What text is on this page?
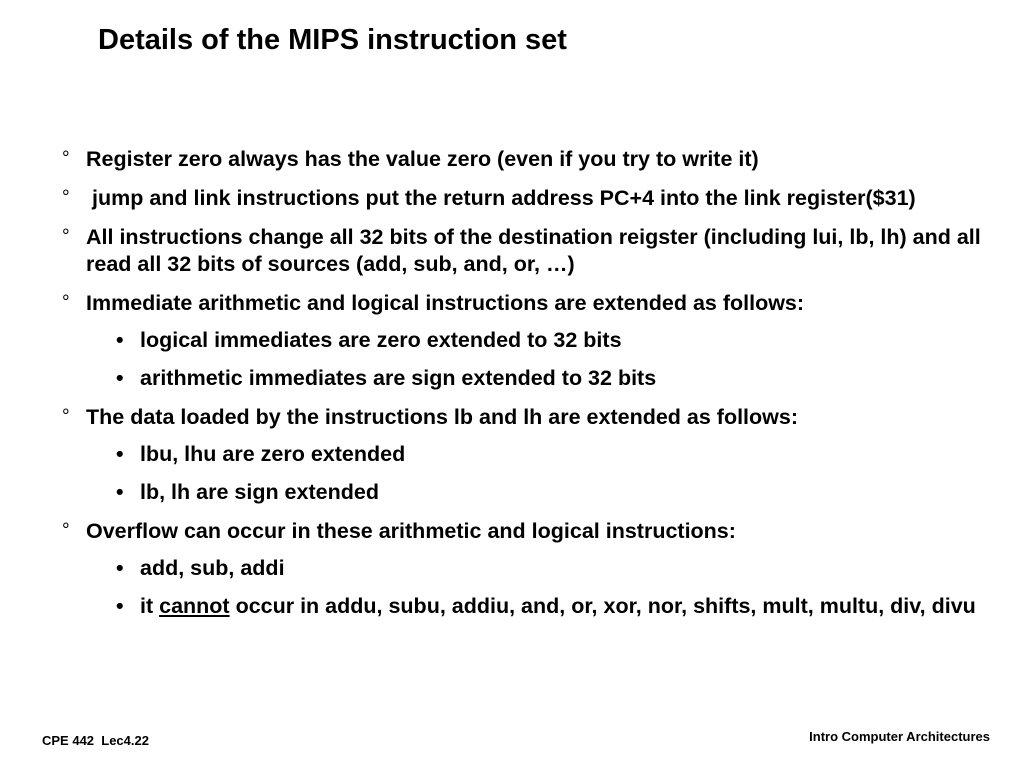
Details of the MIPS instruction set
° Register zero always has the value zero (even if you try to write it)
° jump and link instructions put the return address PC+4 into the link register($31)
° All instructions change all 32 bits of the destination reigster (including lui, lb, lh) and all read all 32 bits of sources (add, sub, and, or, …)
° Immediate arithmetic and logical instructions are extended as follows:
• logical immediates are zero extended to 32 bits
• arithmetic immediates are sign extended to 32 bits
° The data loaded by the instructions lb and lh are extended as follows:
• lbu, lhu are zero extended
• lb, lh are sign extended
° Overflow can occur in these arithmetic and logical instructions:
• add, sub, addi
• it cannot occur in addu, subu, addiu, and, or, xor, nor, shifts, mult, multu, div, divu
CPE 442  Lec4.22	Intro Computer Architectures
